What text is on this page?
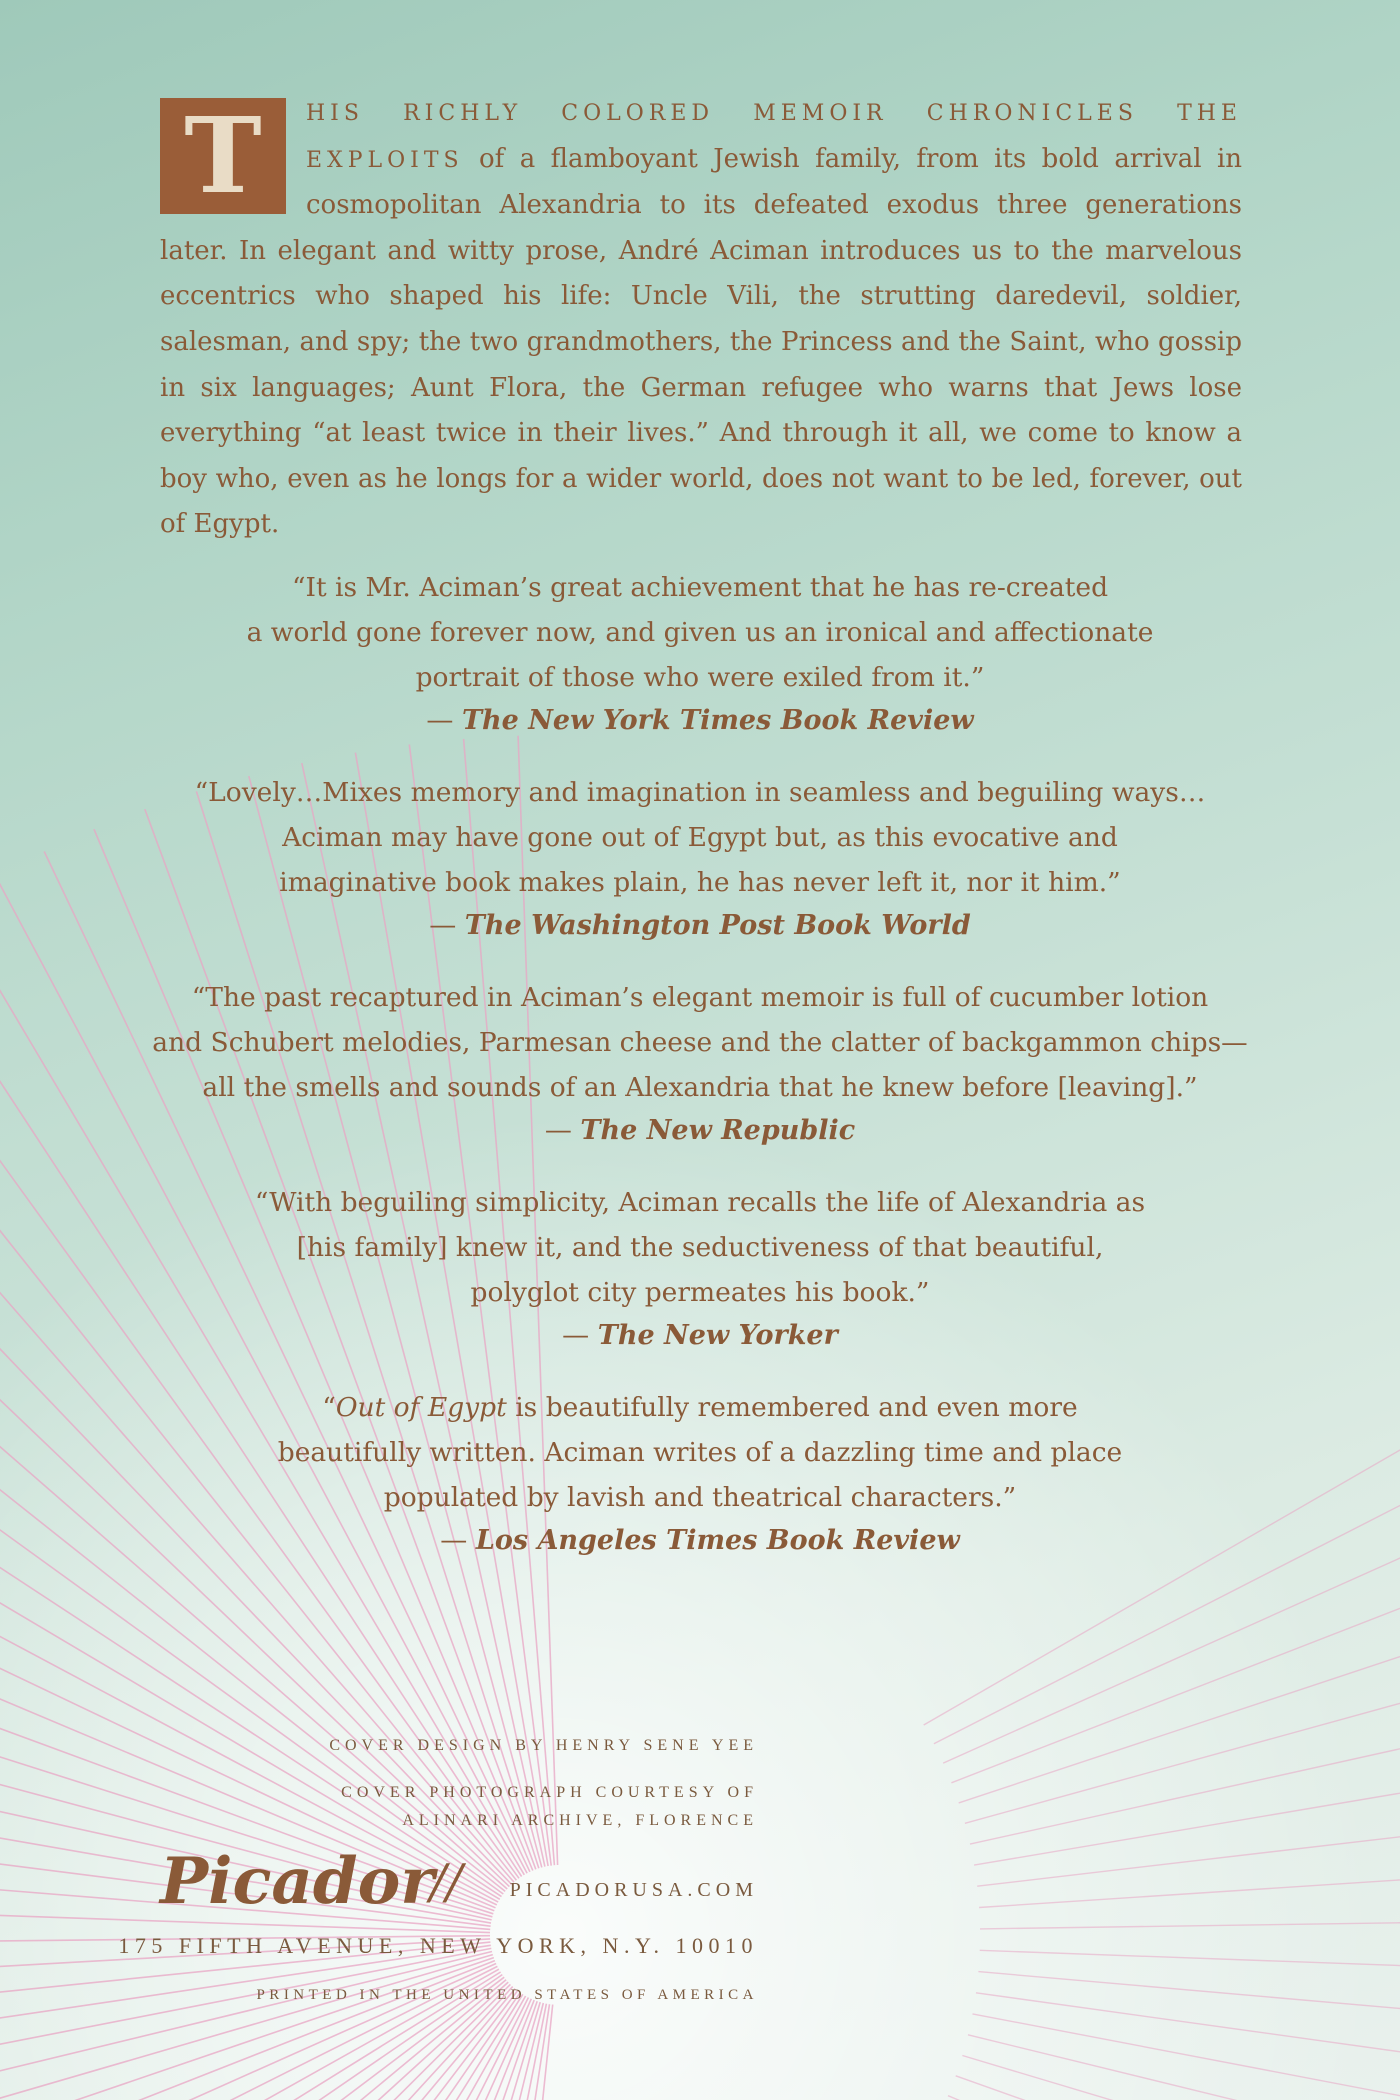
T	HIS RICHLY COLORED MEMOIR CHRONICLES THE EXPLOITS of a flamboyant Jewish family, from its bold arrival in cosmopolitan Alexandria to its defeated exodus three generations later. In elegant and witty prose, André Aciman introduces us to the marvelous eccentrics who shaped his life: Uncle Vili, the strutting daredevil, soldier, salesman, and spy; the two grandmothers, the Princess and the Saint, who gossip in six languages; Aunt Flora, the German refugee who warns that Jews lose everything “at least twice in their lives.” And through it all, we come to know a boy who, even as he longs for a wider world, does not want to be led, forever, out of Egypt.

“It is Mr. Aciman’s great achievement that he has re-created

a world gone forever now, and given us an ironical and affectionate

portrait of those who were exiled from it.”

— The New York Times Book Review

“Lovely…Mixes memory and imagination in seamless and beguiling ways…

Aciman may have gone out of Egypt but, as this evocative and

imaginative book makes plain, he has never left it, nor it him.”

— The Washington Post Book World

“The past recaptured in Aciman’s elegant memoir is full of cucumber lotion

and Schubert melodies, Parmesan cheese and the clatter of backgammon chips—

all the smells and sounds of an Alexandria that he knew before [leaving].”

— The New Republic

“With beguiling simplicity, Aciman recalls the life of Alexandria as

[his family] knew it, and the seductiveness of that beautiful,

polyglot city permeates his book.”

— The New Yorker

“Out of Egypt is beautifully remembered and even more

beautifully written. Aciman writes of a dazzling time and place

populated by lavish and theatrical characters.”

— Los Angeles Times Book Review
COVER DESIGN BY HENRY SENE YEE
COVER PHOTOGRAPH COURTESY OF
ALINARI ARCHIVE, FLORENCE
Picador
// PICADORUSA.COM
175 FIFTH AVENUE, NEW YORK, N.Y. 10010
PRINTED IN THE UNITED STATES OF AMERICA
